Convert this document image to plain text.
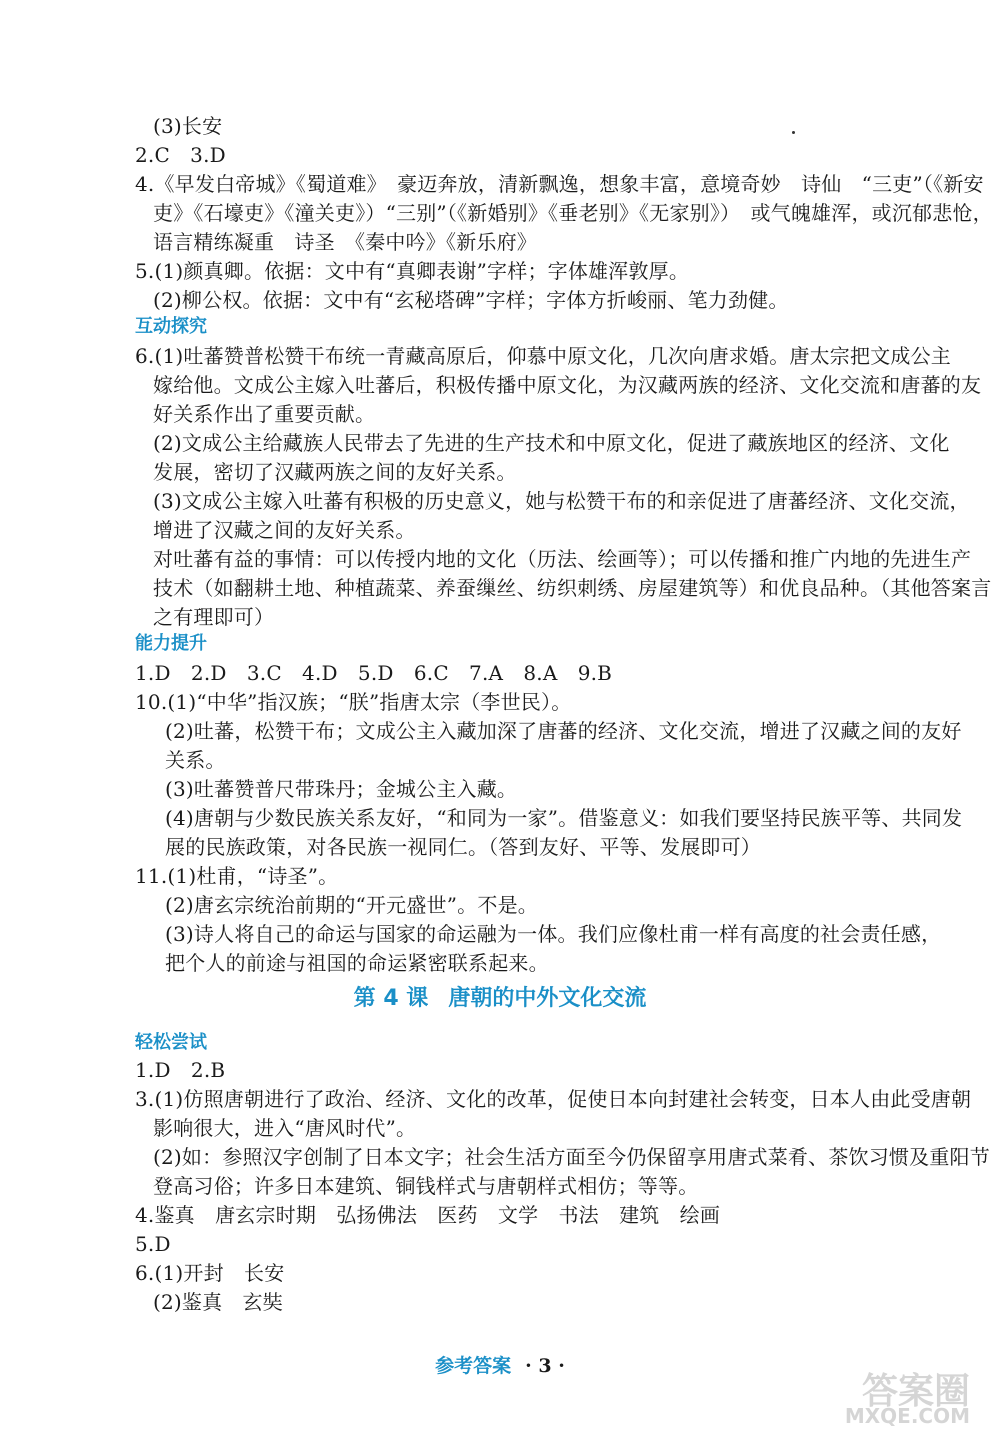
(3)长安
2.C　3.D
4.《早发白帝城》《蜀道难》　豪迈奔放，清新飘逸，想象丰富，意境奇妙　诗仙　“三吏”（《新安
吏》《石壕吏》《潼关吏》）“三别”（《新婚别》《垂老别》《无家别》）　或气魄雄浑，或沉郁悲怆，
语言精练凝重　诗圣　《秦中吟》《新乐府》
5.(1)颜真卿。依据：文中有“真卿表谢”字样；字体雄浑敦厚。
(2)柳公权。依据：文中有“玄秘塔碑”字样；字体方折峻丽、笔力劲健。
互动探究
6.(1)吐蕃赞普松赞干布统一青藏高原后，仰慕中原文化，几次向唐求婚。唐太宗把文成公主
嫁给他。文成公主嫁入吐蕃后，积极传播中原文化，为汉藏两族的经济、文化交流和唐蕃的友
好关系作出了重要贡献。
(2)文成公主给藏族人民带去了先进的生产技术和中原文化，促进了藏族地区的经济、文化
发展，密切了汉藏两族之间的友好关系。
(3)文成公主嫁入吐蕃有积极的历史意义，她与松赞干布的和亲促进了唐蕃经济、文化交流，
增进了汉藏之间的友好关系。
对吐蕃有益的事情：可以传授内地的文化（历法、绘画等）；可以传播和推广内地的先进生产
技术（如翻耕土地、种植蔬菜、养蚕缫丝、纺织刺绣、房屋建筑等）和优良品种。（其他答案言
之有理即可）
能力提升
1.D　2.D　3.C　4.D　5.D　6.C　7.A　8.A　9.B
10.(1)“中华”指汉族；“朕”指唐太宗（李世民）。
(2)吐蕃，松赞干布；文成公主入藏加深了唐蕃的经济、文化交流，增进了汉藏之间的友好
关系。
(3)吐蕃赞普尺带珠丹；金城公主入藏。
(4)唐朝与少数民族关系友好，“和同为一家”。借鉴意义：如我们要坚持民族平等、共同发
展的民族政策，对各民族一视同仁。（答到友好、平等、发展即可）
11.(1)杜甫，“诗圣”。
(2)唐玄宗统治前期的“开元盛世”。不是。
(3)诗人将自己的命运与国家的命运融为一体。我们应像杜甫一样有高度的社会责任感，
把个人的前途与祖国的命运紧密联系起来。
第 4 课 唐朝的中外文化交流
轻松尝试
1.D　2.B
3.(1)仿照唐朝进行了政治、经济、文化的改革，促使日本向封建社会转变，日本人由此受唐朝
影响很大，进入“唐风时代”。
(2)如：参照汉字创制了日本文字；社会生活方面至今仍保留享用唐式菜肴、茶饮习惯及重阳节
登高习俗；许多日本建筑、铜钱样式与唐朝样式相仿；等等。
4.鉴真　唐玄宗时期　弘扬佛法　医药　文学　书法　建筑　绘画
5.D
6.(1)开封　长安
(2)鉴真　玄奘
参考答案 · 3 ·
答案圈
MXQE.COM
